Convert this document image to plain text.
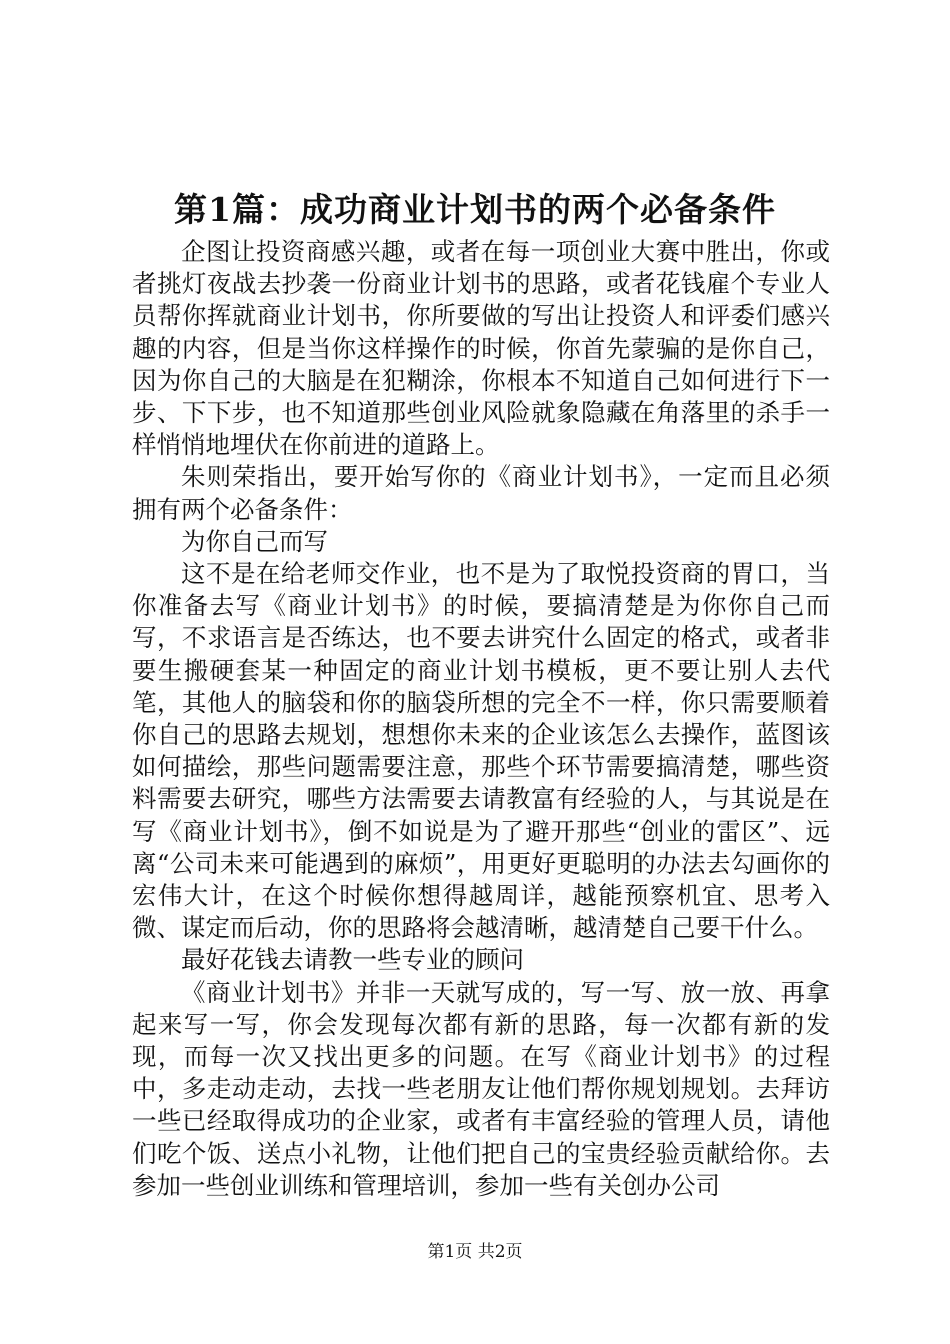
第1篇：成功商业计划书的两个必备条件

企图让投资商感兴趣，或者在每一项创业大赛中胜出，你或者挑灯夜战去抄袭一份商业计划书的思路，或者花钱雇个专业人员帮你挥就商业计划书，你所要做的写出让投资人和评委们感兴趣的内容，但是当你这样操作的时候，你首先蒙骗的是你自己，因为你自己的大脑是在犯糊涂，你根本不知道自己如何进行下一步、下下步，也不知道那些创业风险就象隐藏在角落里的杀手一样悄悄地埋伏在你前进的道路上。

朱则荣指出，要开始写你的《商业计划书》，一定而且必须拥有两个必备条件：

为你自己而写

这不是在给老师交作业，也不是为了取悦投资商的胃口，当你准备去写《商业计划书》的时候，要搞清楚是为你你自己而写，不求语言是否练达，也不要去讲究什么固定的格式，或者非要生搬硬套某一种固定的商业计划书模板，更不要让别人去代笔，其他人的脑袋和你的脑袋所想的完全不一样，你只需要顺着你自己的思路去规划，想想你未来的企业该怎么去操作，蓝图该如何描绘，那些问题需要注意，那些个环节需要搞清楚，哪些资料需要去研究，哪些方法需要去请教富有经验的人，与其说是在写《商业计划书》，倒不如说是为了避开那些“创业的雷区”、远离“公司未来可能遇到的麻烦”，用更好更聪明的办法去勾画你的宏伟大计，在这个时候你想得越周详，越能预察机宜、思考入微、谋定而后动，你的思路将会越清晰，越清楚自己要干什么。

最好花钱去请教一些专业的顾问

《商业计划书》并非一天就写成的，写一写、放一放、再拿起来写一写，你会发现每次都有新的思路，每一次都有新的发现，而每一次又找出更多的问题。在写《商业计划书》的过程中，多走动走动，去找一些老朋友让他们帮你规划规划。去拜访一些已经取得成功的企业家，或者有丰富经验的管理人员，请他们吃个饭、送点小礼物，让他们把自己的宝贵经验贡献给你。去参加一些创业训练和管理培训，参加一些有关创办公司

第1页 共2页
